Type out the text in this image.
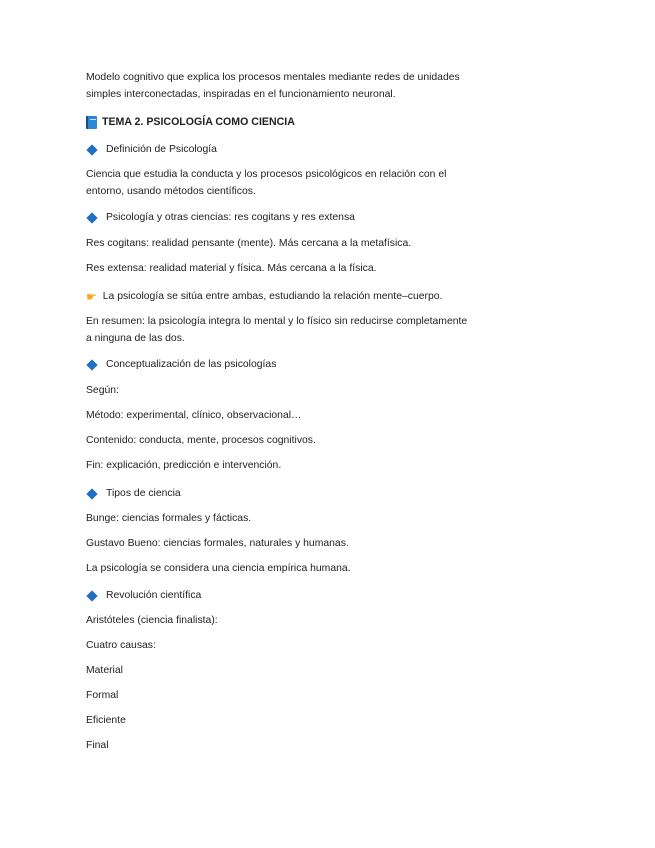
Modelo cognitivo que explica los procesos mentales mediante redes de unidades
simples interconectadas, inspiradas en el funcionamiento neuronal.

TEMA 2. PSICOLOGÍA COMO CIENCIA
Definición de Psicología

Ciencia que estudia la conducta y los procesos psicológicos en relación con el
entorno, usando métodos científicos.

Psicología y otras ciencias: res cogitans y res extensa

Res cogitans: realidad pensante (mente). Más cercana a la metafísica.

Res extensa: realidad material y física. Más cercana a la física.

☛ La psicología se sitúa entre ambas, estudiando la relación mente–cuerpo.

En resumen: la psicología integra lo mental y lo físico sin reducirse completamente
a ninguna de las dos.

Conceptualización de las psicologías

Según:

Método: experimental, clínico, observacional…

Contenido: conducta, mente, procesos cognitivos.

Fin: explicación, predicción e intervención.

Tipos de ciencia

Bunge: ciencias formales y fácticas.

Gustavo Bueno: ciencias formales, naturales y humanas.

La psicología se considera una ciencia empírica humana.

Revolución científica

Aristóteles (ciencia finalista):

Cuatro causas:

Material

Formal

Eficiente

Final
